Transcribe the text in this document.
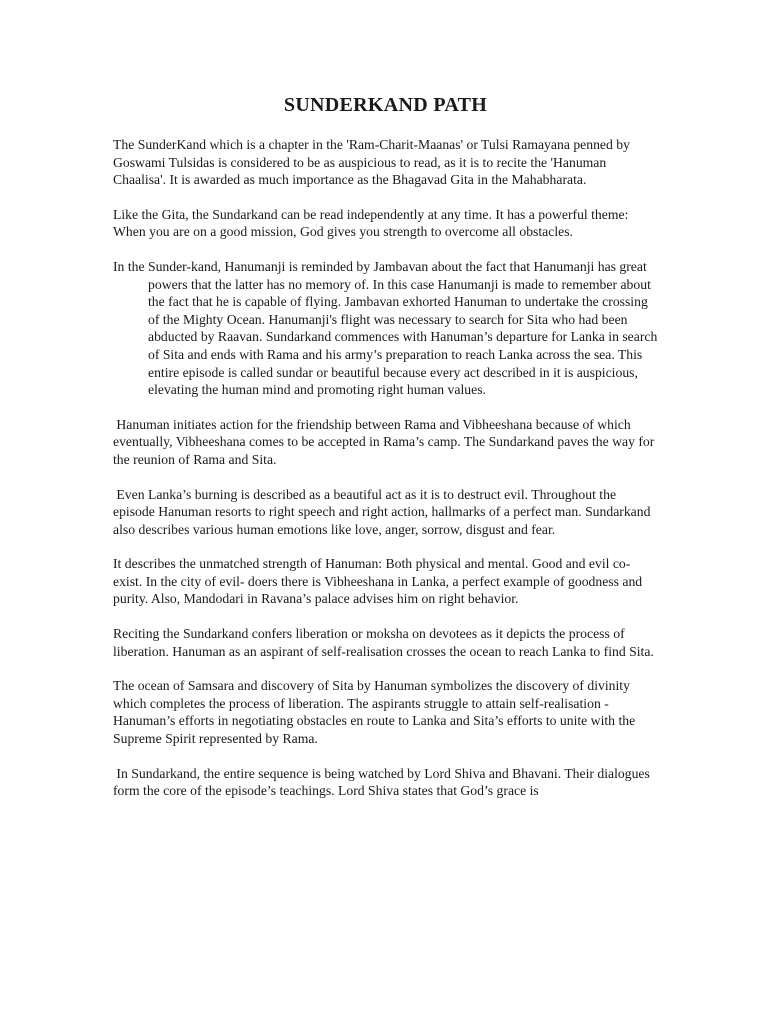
SUNDERKAND PATH

The SunderKand which is a chapter in the 'Ram-Charit-Maanas' or Tulsi Ramayana penned by Goswami Tulsidas is considered to be as auspicious to read, as it is to recite the 'Hanuman Chaalisa'. It is awarded as much importance as the Bhagavad Gita in the Mahabharata.

Like the Gita, the Sundarkand can be read independently at any time. It has a powerful theme: When you are on a good mission, God gives you strength to overcome all obstacles.

In the Sunder-kand, Hanumanji is reminded by Jambavan about the fact that Hanumanji has great powers that the latter has no memory of. In this case Hanumanji is made to remember about the fact that he is capable of flying. Jambavan exhorted Hanuman to undertake the crossing of the Mighty Ocean. Hanumanji's flight was necessary to search for Sita who had been abducted by Raavan. Sundarkand commences with Hanuman’s departure for Lanka in search of Sita and ends with Rama and his army’s preparation to reach Lanka across the sea. This entire episode is called sundar or beautiful because every act described in it is auspicious, elevating the human mind and promoting right human values.

Hanuman initiates action for the friendship between Rama and Vibheeshana because of which eventually, Vibheeshana comes to be accepted in Rama’s camp. The Sundarkand paves the way for the reunion of Rama and Sita.

Even Lanka’s burning is described as a beautiful act as it is to destruct evil. Throughout the episode Hanuman resorts to right speech and right action, hallmarks of a perfect man. Sundarkand also describes various human emotions like love, anger, sorrow, disgust and fear.

It describes the unmatched strength of Hanuman: Both physical and mental. Good and evil co-exist. In the city of evil- doers there is Vibheeshana in Lanka, a perfect example of goodness and purity. Also, Mandodari in Ravana’s palace advises him on right behavior.

Reciting the Sundarkand confers liberation or moksha on devotees as it depicts the process of liberation. Hanuman as an aspirant of self-realisation crosses the ocean to reach Lanka to find Sita.

The ocean of Samsara and discovery of Sita by Hanuman symbolizes the discovery of divinity which completes the process of liberation. The aspirants struggle to attain self-realisation - Hanuman’s efforts in negotiating obstacles en route to Lanka and Sita’s efforts to unite with the Supreme Spirit represented by Rama.

In Sundarkand, the entire sequence is being watched by Lord Shiva and Bhavani. Their dialogues form the core of the episode’s teachings. Lord Shiva states that God’s grace is
